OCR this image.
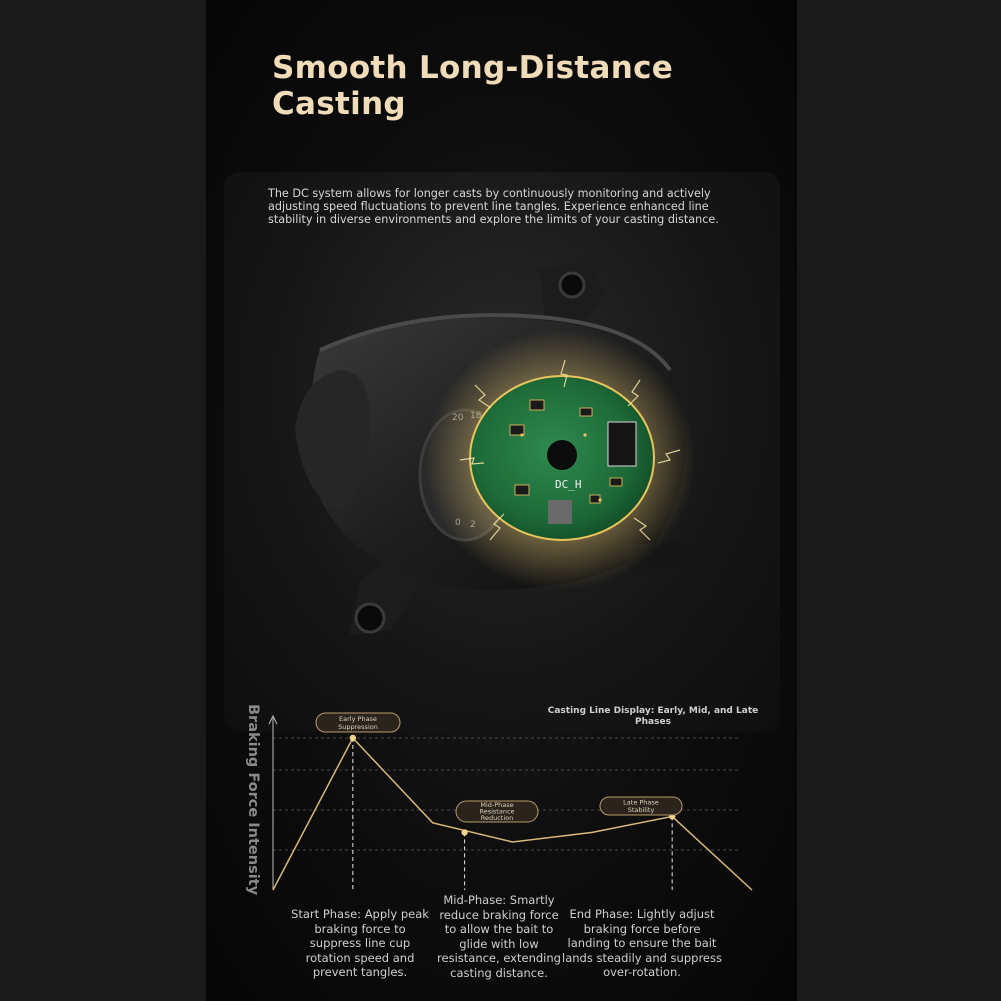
Smooth Long-Distance
Casting

The DC system allows for longer casts by continuously monitoring and actively adjusting speed fluctuations to prevent line tangles. Experience enhanced line stability in diverse environments and explore the limits of your casting distance.

DC_H
Braking Force Intensity	Casting Line Display: Early, Mid, and Late Phases

Early Phase
Suppression
Mid-Phase
Resistance
Reduction
Late Phase
Stability

Start Phase: Apply peak braking force to suppress line cup rotation speed and prevent tangles.

Mid-Phase: Smartly reduce braking force to allow the bait to glide with low resistance, extending casting distance.

End Phase: Lightly adjust braking force before landing to ensure the bait lands steadily and suppress over-rotation.
